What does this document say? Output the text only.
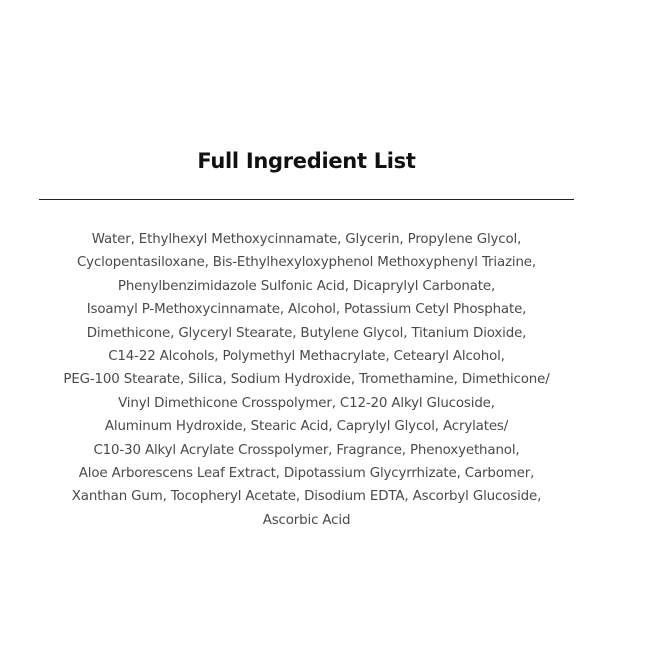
Full Ingredient List
Water, Ethylhexyl Methoxycinnamate, Glycerin, Propylene Glycol,
Cyclopentasiloxane, Bis-Ethylhexyloxyphenol Methoxyphenyl Triazine,
Phenylbenzimidazole Sulfonic Acid, Dicaprylyl Carbonate,
Isoamyl P-Methoxycinnamate, Alcohol, Potassium Cetyl Phosphate,
Dimethicone, Glyceryl Stearate, Butylene Glycol, Titanium Dioxide,
C14-22 Alcohols, Polymethyl Methacrylate, Cetearyl Alcohol,
PEG-100 Stearate, Silica, Sodium Hydroxide, Tromethamine, Dimethicone/
Vinyl Dimethicone Crosspolymer, C12-20 Alkyl Glucoside,
Aluminum Hydroxide, Stearic Acid, Caprylyl Glycol, Acrylates/
C10-30 Alkyl Acrylate Crosspolymer, Fragrance, Phenoxyethanol,
Aloe Arborescens Leaf Extract, Dipotassium Glycyrrhizate, Carbomer,
Xanthan Gum, Tocopheryl Acetate, Disodium EDTA, Ascorbyl Glucoside,
Ascorbic Acid
